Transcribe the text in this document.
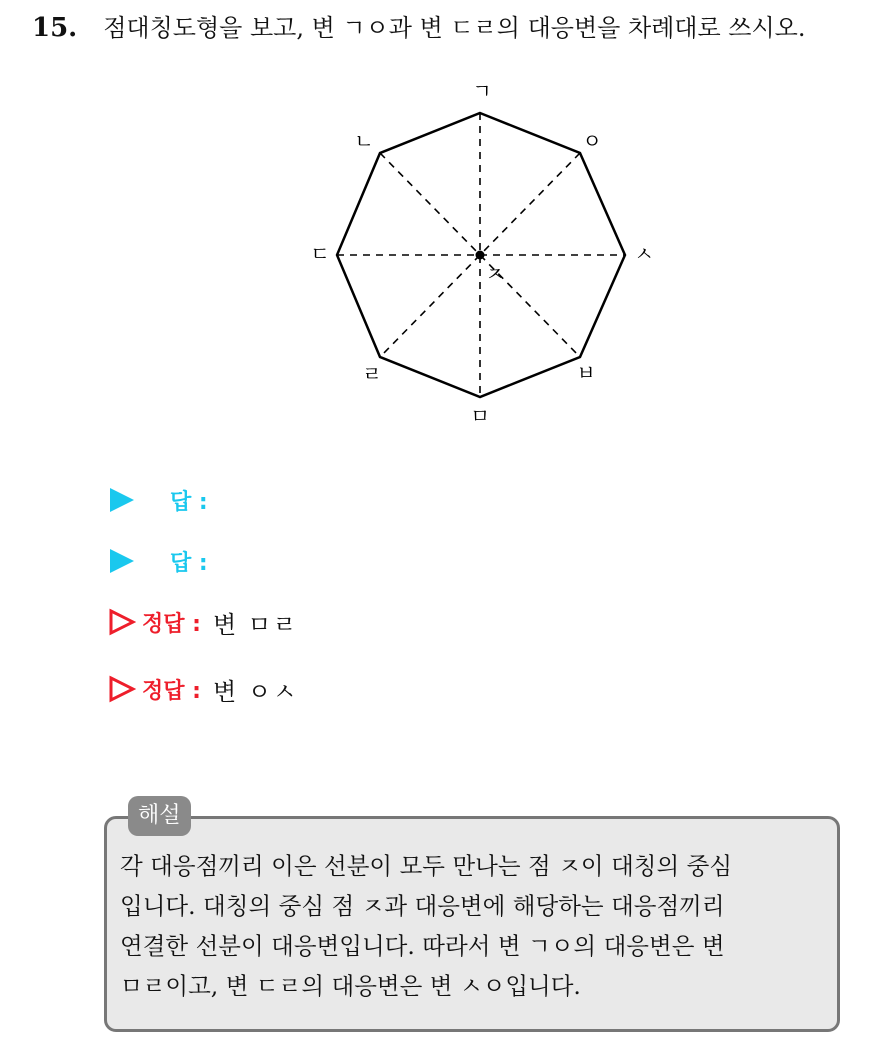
15. 점대칭도형을 보고, 변 ㄱㅇ과 변 ㄷㄹ의 대응변을 차례대로 쓰시오.
ㄱ
ㅇ
ㅅ
ㅂ
ㅁ
ㄹ
ㄷ
ㄴ
ㅈ
답 :
답 :
정답 : 변 ㅁㄹ
정답 : 변 ㅇㅅ
해설

각 대응점끼리 이은 선분이 모두 만나는 점 ㅈ이 대칭의 중심

입니다. 대칭의 중심 점 ㅈ과 대응변에 해당하는 대응점끼리

연결한 선분이 대응변입니다. 따라서 변 ㄱㅇ의 대응변은 변

ㅁㄹ이고, 변 ㄷㄹ의 대응변은 변 ㅅㅇ입니다.
